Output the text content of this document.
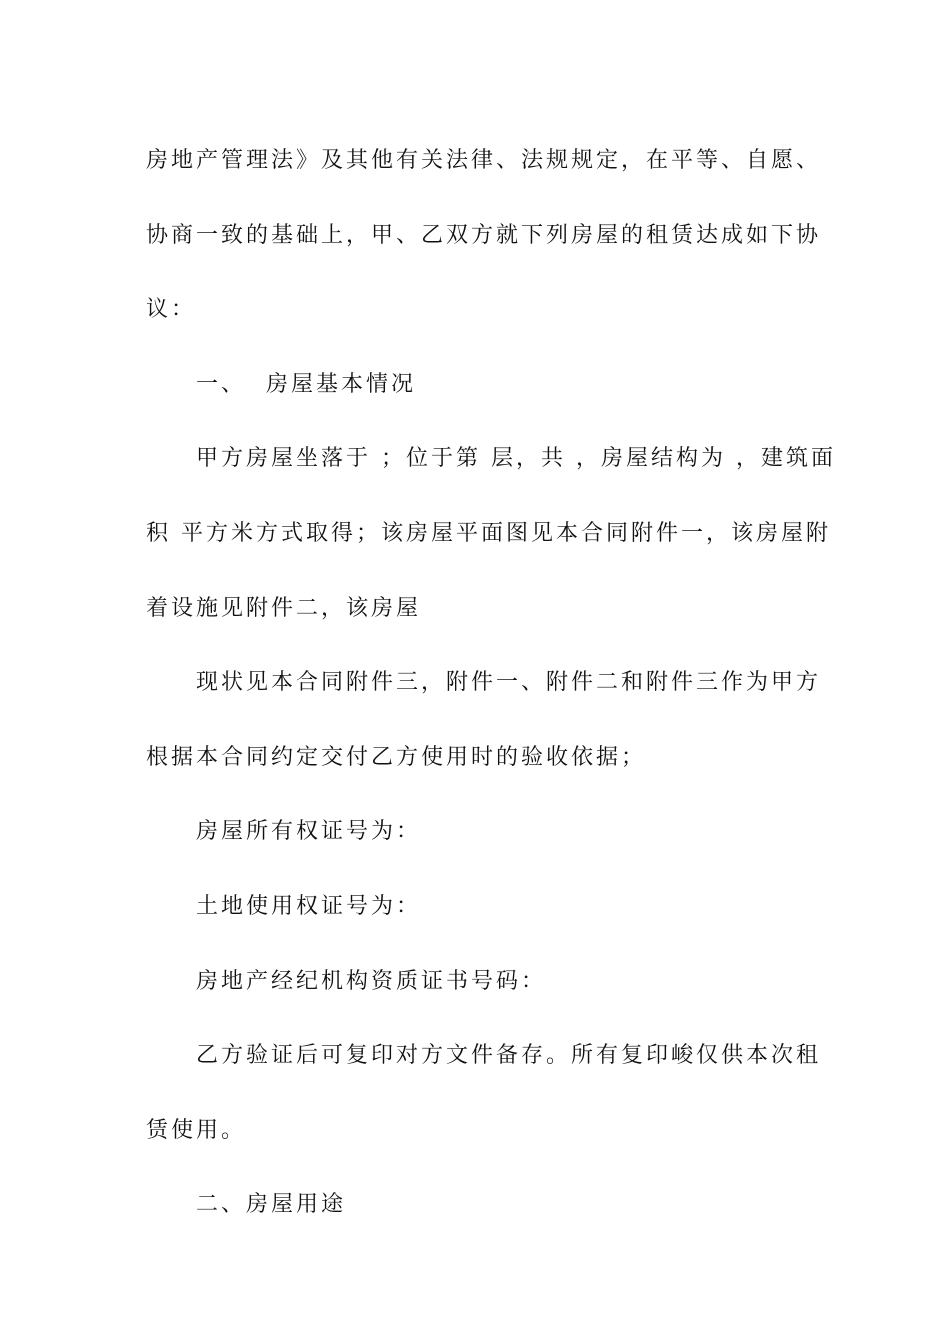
房地产管理法》及其他有关法律、法规规定，在平等、自愿、
协商一致的基础上，甲、乙双方就下列房屋的租赁达成如下协
议：
一、  房屋基本情况
甲方房屋坐落于 ；位于第 层，共 ，房屋结构为 ，建筑面
积 平方米方式取得；该房屋平面图见本合同附件一，该房屋附
着设施见附件二，该房屋
现状见本合同附件三，附件一、附件二和附件三作为甲方
根据本合同约定交付乙方使用时的验收依据；
房屋所有权证号为：
土地使用权证号为：
房地产经纪机构资质证书号码：
乙方验证后可复印对方文件备存。所有复印峻仅供本次租
赁使用。
二、房屋用途
